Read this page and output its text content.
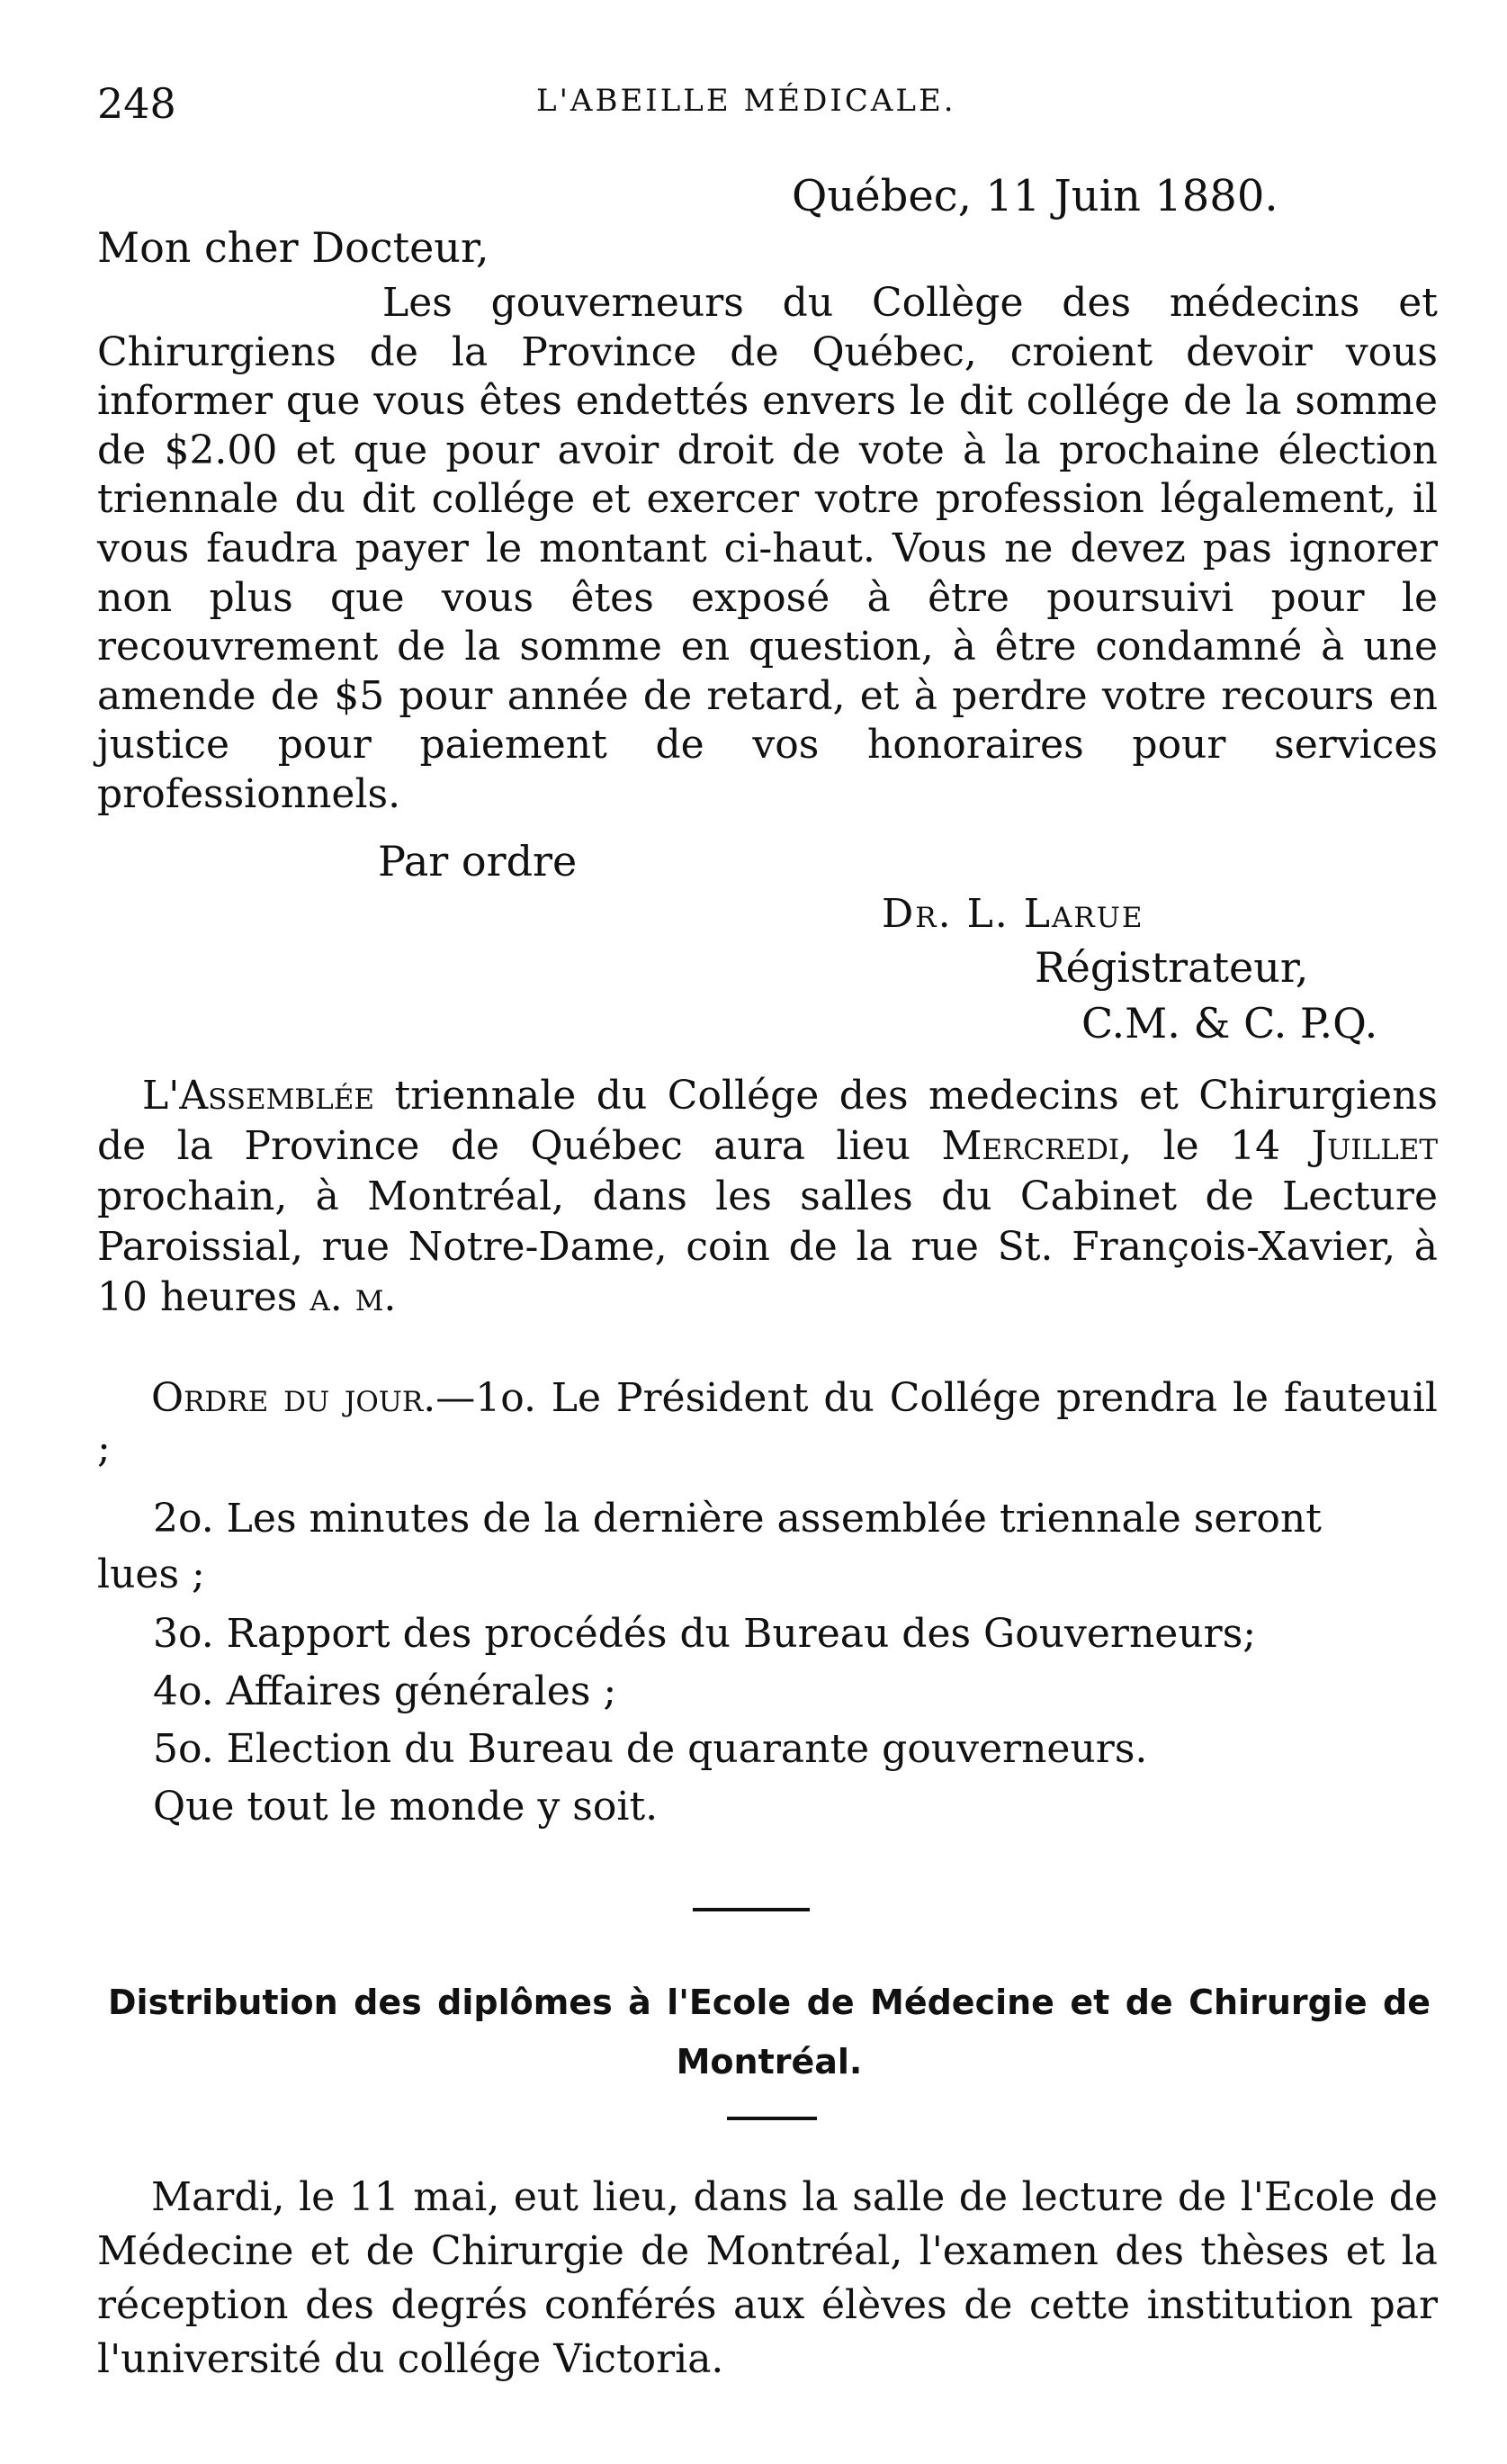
248	L'ABEILLE MÉDICALE.
Québec, 11 Juin 1880.
Mon cher Docteur,
Les gouverneurs du Collège des médecins et Chirurgiens de la Province de Québec, croient devoir vous informer que vous êtes endettés envers le dit collége de la somme de $2.00 et que pour avoir droit de vote à la prochaine élection triennale du dit collége et exercer votre profession légalement, il vous faudra payer le montant ci-haut. Vous ne devez pas ignorer non plus que vous êtes exposé à être poursuivi pour le recouvrement de la somme en question, à être condamné à une amende de $5 pour année de retard, et à perdre votre recours en justice pour paiement de vos honoraires pour services professionnels.
Par ordre
Dr. L. Larue
Régistrateur,
C.M. & C. P.Q.
L'Assemblée triennale du Collége des medecins et Chirurgiens de la Province de Québec aura lieu Mercredi, le 14 Juillet prochain, à Montréal, dans les salles du Cabinet de Lecture Paroissial, rue Notre-Dame, coin de la rue St. François-Xavier, à 10 heures a. m.
Ordre du jour.—1o. Le Président du Collége prendra le fauteuil ;
2o. Les minutes de la dernière assemblée triennale seront
lues ;
3o. Rapport des procédés du Bureau des Gouverneurs;
4o. Affaires générales ;
5o. Election du Bureau de quarante gouverneurs.
Que tout le monde y soit.
Distribution des diplômes à l'Ecole de Médecine et de Chirurgie de Montréal.
Mardi, le 11 mai, eut lieu, dans la salle de lecture de l'Ecole de Médecine et de Chirurgie de Montréal, l'examen des thèses et la réception des degrés conférés aux élèves de cette institution par l'université du collége Victoria.
